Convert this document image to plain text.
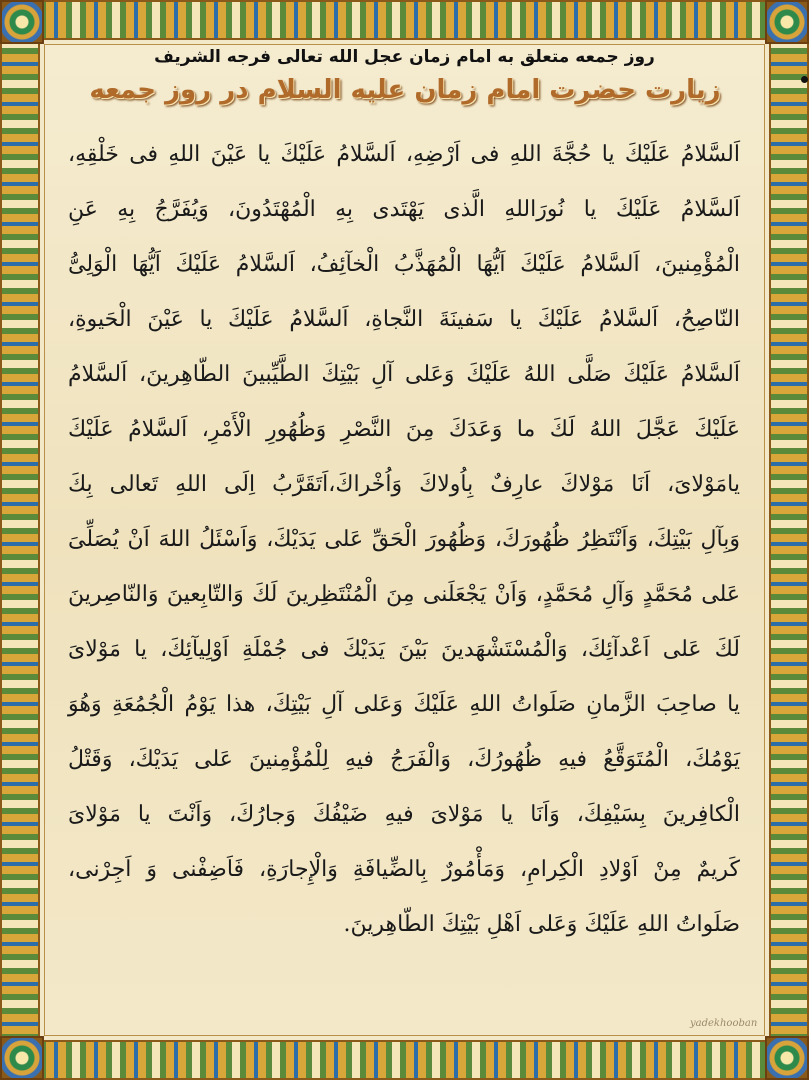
روز جمعه متعلق به امام زمان عجل الله تعالی فرجه الشریف
زیارت حضرت امام زمان علیه السلام در روز جمعه
اَلسَّلامُ عَلَيْكَ يا حُجَّةَ اللهِ فى اَرْضِهِ، اَلسَّلامُ عَلَيْكَ يا عَيْنَ اللهِ فى خَلْقِهِ،
اَلسَّلامُ عَلَيْكَ يا نُورَاللهِ الَّذى يَهْتَدى بِهِ الْمُهْتَدُونَ، وَيُفَرَّجُ بِهِ عَنِ
الْمُؤْمِنينَ، اَلسَّلامُ عَلَيْكَ اَيُّهَا الْمُهَذَّبُ الْخآئِفُ، اَلسَّلامُ عَلَيْكَ اَيُّهَا الْوَلِىُّ
النّاصِحُ، اَلسَّلامُ عَلَيْكَ يا سَفينَةَ النَّجاةِ، اَلسَّلامُ عَلَيْكَ يا عَيْنَ الْحَيوةِ،
اَلسَّلامُ عَلَيْكَ صَلَّى اللهُ عَلَيْكَ وَعَلى آلِ بَيْتِكَ الطَّيِّبينَ الطّاهِرينَ، اَلسَّلامُ
عَلَيْكَ عَجَّلَ اللهُ لَكَ ما وَعَدَكَ مِنَ النَّصْرِ وَظُهُورِ الْأَمْرِ، اَلسَّلامُ عَلَيْكَ
يامَوْلاىَ، اَنَا مَوْلاكَ عارِفٌ بِاُولاكَ وَاُخْراكَ،اَتَقَرَّبُ اِلَى اللهِ تَعالى بِكَ
وَبِآلِ بَيْتِكَ، وَاَنْتَظِرُ ظُهُورَكَ، وَظُهُورَ الْحَقِّ عَلى يَدَيْكَ، وَاَسْئَلُ اللهَ اَنْ يُصَلِّىَ
عَلى مُحَمَّدٍ وَآلِ مُحَمَّدٍ، وَاَنْ يَجْعَلَنى مِنَ الْمُنْتَظِرينَ لَكَ وَالتّابِعينَ وَالنّاصِرينَ
لَكَ عَلى اَعْدآئِكَ، وَالْمُسْتَشْهَدينَ بَيْنَ يَدَيْكَ فى جُمْلَةِ اَوْلِيآئِكَ، يا مَوْلاىَ
يا صاحِبَ الزَّمانِ صَلَواتُ اللهِ عَلَيْكَ وَعَلى آلِ بَيْتِكَ، هذا يَوْمُ الْجُمُعَةِ وَهُوَ
يَوْمُكَ، الْمُتَوَقَّعُ فيهِ ظُهُورُكَ، وَالْفَرَجُ فيهِ لِلْمُؤْمِنينَ عَلى يَدَيْكَ، وَقَتْلُ
الْكافِرينَ بِسَيْفِكَ، وَاَنَا يا مَوْلاىَ فيهِ ضَيْفُكَ وَجارُكَ، وَاَنْتَ يا مَوْلاىَ
كَريمٌ مِنْ اَوْلادِ الْكِرامِ، وَمَأْمُورٌ بِالضِّيافَةِ وَالْإِجارَةِ، فَاَضِفْنى وَ اَجِرْنى،
صَلَواتُ اللهِ عَلَيْكَ وَعَلى اَهْلِ بَيْتِكَ الطّاهِرينَ.
yadekhooban
